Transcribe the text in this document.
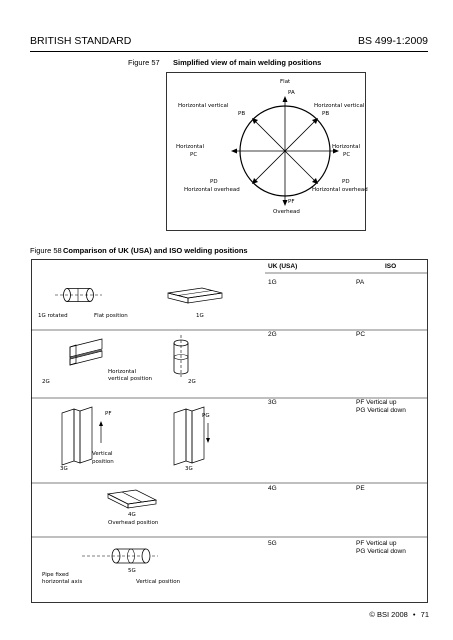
BRITISH STANDARD	BS 499-1:2009
Figure 57 Simplified view of main welding positions
Flat
PA
Horizontal vertical
PB
Horizontal vertical
PB
Horizontal
PC
Horizontal
PC
PD
Horizontal overhead
PD
Horizontal overhead
PF
Overhead
Figure 58 Comparison of UK (USA) and ISO welding positions
UK (USA)	ISO
1G	PA
1G rotated	Flat position	1G
2G	PC
Horizontal
vertical position
2G	2G
3G	PF Vertical up
PG Vertical down
PF	PG
Vertical
position
3G	3G
4G	PE
4G
Overhead position
5G	PF Vertical up
PG Vertical down
5G
Pipe fixed
horizontal axis	Vertical position
© BSI 2008 • 71
